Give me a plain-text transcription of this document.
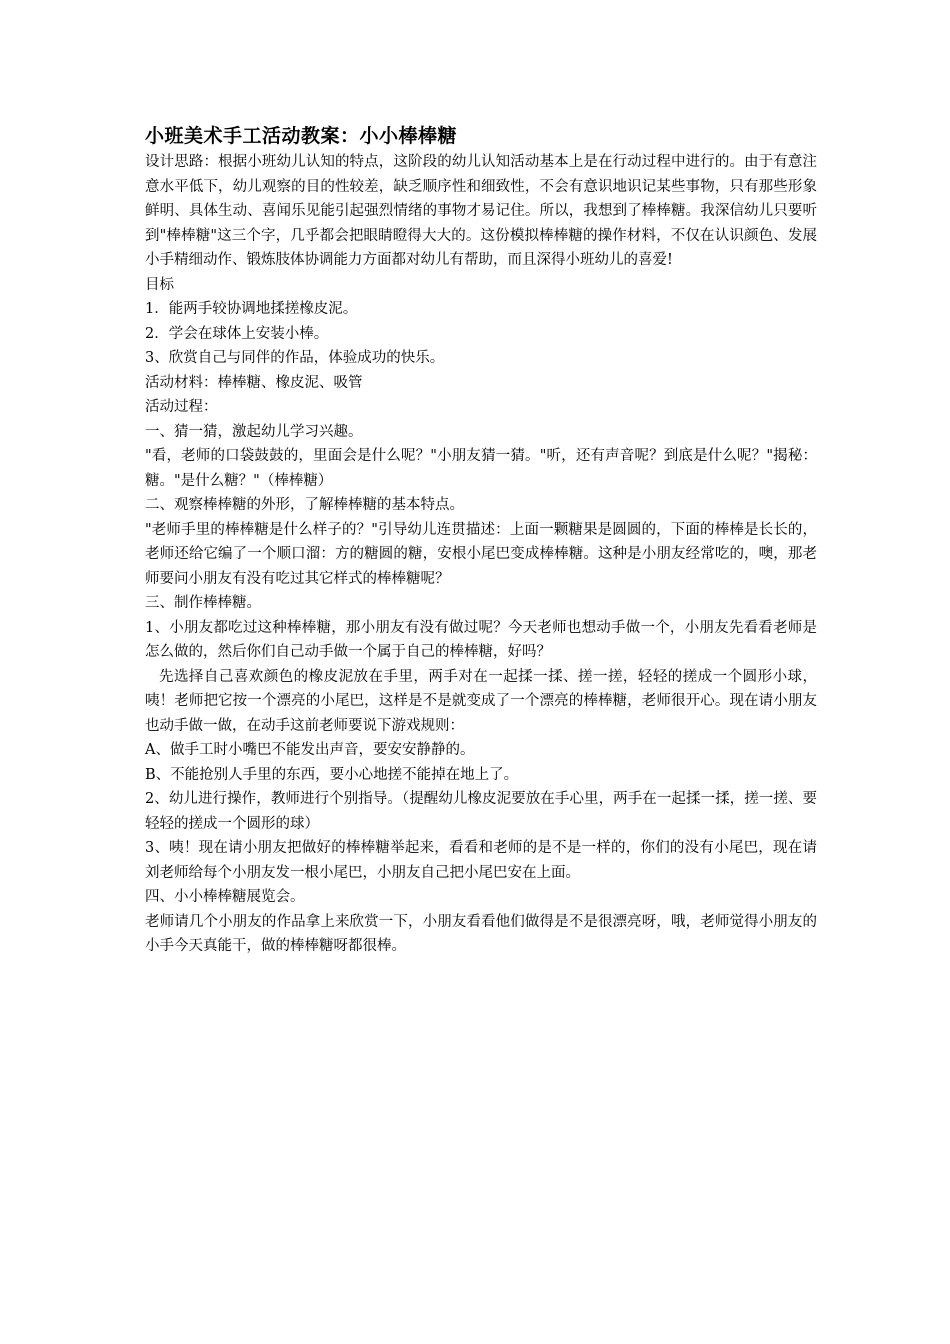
小班美术手工活动教案：小小棒棒糖

设计思路：根据小班幼儿认知的特点，这阶段的幼儿认知活动基本上是在行动过程中进行的。由于有意注意水平低下，幼儿观察的目的性较差，缺乏顺序性和细致性，不会有意识地识记某些事物，只有那些形象鲜明、具体生动、喜闻乐见能引起强烈情绪的事物才易记住。所以，我想到了棒棒糖。我深信幼儿只要听到"棒棒糖"这三个字，几乎都会把眼睛瞪得大大的。这份模拟棒棒糖的操作材料，不仅在认识颜色、发展小手精细动作、锻炼肢体协调能力方面都对幼儿有帮助，而且深得小班幼儿的喜爱!

目标

1．能两手较协调地揉搓橡皮泥。

2．学会在球体上安装小棒。

3、欣赏自己与同伴的作品，体验成功的快乐。

活动材料：棒棒糖、橡皮泥、吸管

活动过程：

一、猜一猜，激起幼儿学习兴趣。

"看，老师的口袋鼓鼓的，里面会是什么呢？"小朋友猜一猜。"听，还有声音呢？到底是什么呢？"揭秘：糖。"是什么糖？"（棒棒糖）

二、观察棒棒糖的外形，了解棒棒糖的基本特点。

"老师手里的棒棒糖是什么样子的？"引导幼儿连贯描述：上面一颗糖果是圆圆的，下面的棒棒是长长的，老师还给它编了一个顺口溜：方的糖圆的糖，安根小尾巴变成棒棒糖。这种是小朋友经常吃的，噢，那老师要问小朋友有没有吃过其它样式的棒棒糖呢？

三、制作棒棒糖。

1、小朋友都吃过这种棒棒糖，那小朋友有没有做过呢？今天老师也想动手做一个，小朋友先看看老师是怎么做的，然后你们自己动手做一个属于自己的棒棒糖，好吗？

先选择自己喜欢颜色的橡皮泥放在手里，两手对在一起揉一揉、搓一搓，轻轻的搓成一个圆形小球，咦！老师把它按一个漂亮的小尾巴，这样是不是就变成了一个漂亮的棒棒糖，老师很开心。现在请小朋友也动手做一做，在动手这前老师要说下游戏规则：

A、做手工时小嘴巴不能发出声音，要安安静静的。

B、不能抢别人手里的东西，要小心地搓不能掉在地上了。

2、幼儿进行操作，教师进行个别指导。（提醒幼儿橡皮泥要放在手心里，两手在一起揉一揉，搓一搓、要轻轻的搓成一个圆形的球）

3、咦！现在请小朋友把做好的棒棒糖举起来，看看和老师的是不是一样的，你们的没有小尾巴，现在请刘老师给每个小朋友发一根小尾巴，小朋友自己把小尾巴安在上面。

四、小小棒棒糖展览会。

老师请几个小朋友的作品拿上来欣赏一下，小朋友看看他们做得是不是很漂亮呀，哦，老师觉得小朋友的小手今天真能干，做的棒棒糖呀都很棒。
